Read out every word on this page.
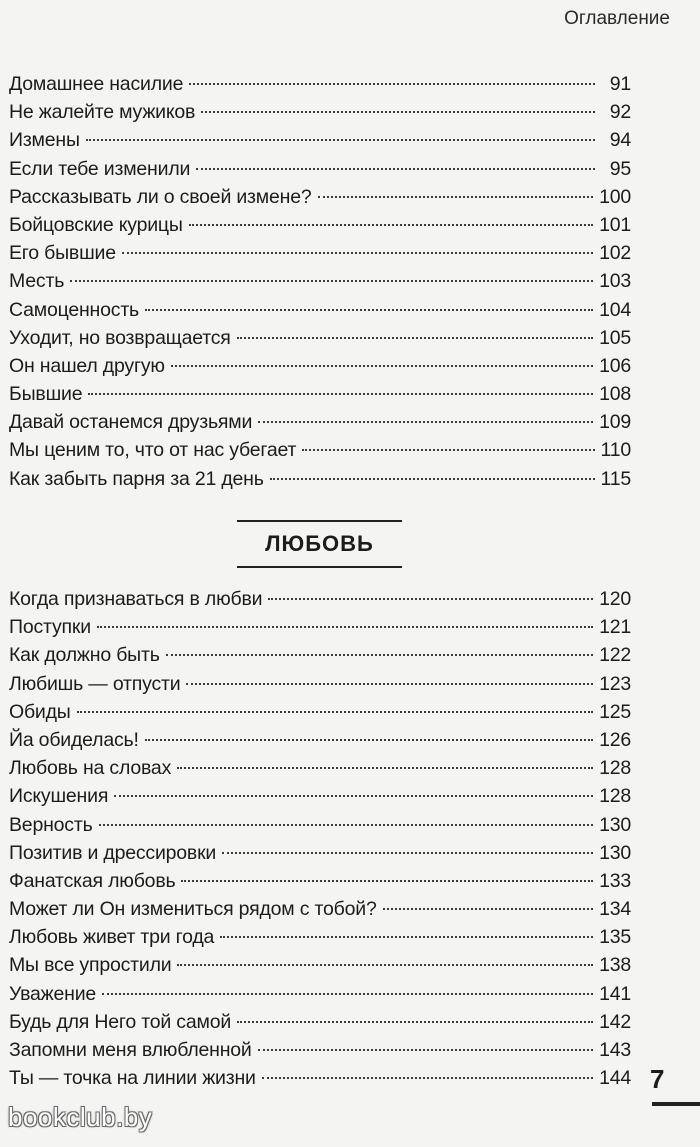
Оглавление
Домашнее насилие	91
Не жалейте мужиков	92
Измены	94
Если тебе изменили	95
Рассказывать ли о своей измене?	100
Бойцовские курицы	101
Его бывшие	102
Месть	103
Самоценность	104
Уходит, но возвращается	105
Он нашел другую	106
Бывшие	108
Давай останемся друзьями	109
Мы ценим то, что от нас убегает	110
Как забыть парня за 21 день	115
ЛЮБОВЬ
Когда признаваться в любви	120
Поступки	121
Как должно быть	122
Любишь — отпусти	123
Обиды	125
Йа обиделась!	126
Любовь на словах	128
Искушения	128
Верность	130
Позитив и дрессировки	130
Фанатская любовь	133
Может ли Он измениться рядом с тобой?	134
Любовь живет три года	135
Мы все упростили	138
Уважение	141
Будь для Него той самой	142
Запомни меня влюбленной	143
Ты — точка на линии жизни	144 7
bookclub.by
